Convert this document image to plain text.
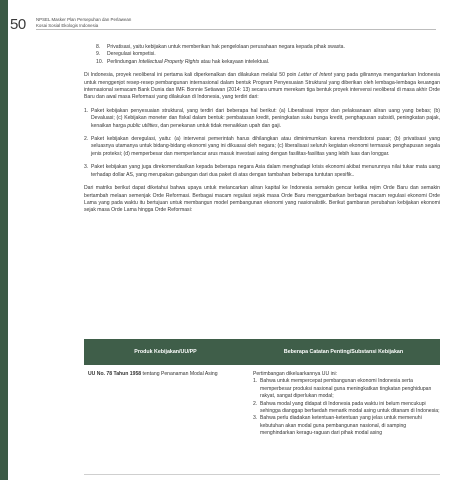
50 NPSEL Masker Plan Persepuhan dan Perlawean
Kosai Sosial Ekologis Indonesia
8.	Privatisasi, yaitu kebijakan untuk memberikan hak pengelolaan perusahaan negara kepada pihak swasta.
9.	Deregulasi kompetisi.
10. Perlindungan Intellectual Property Rights atau hak kekayaan intelektual.

Di Indonesia, proyek neoliberal ini pertama kali diperkenalkan dan dilakukan melalui 50 poin Letter of Intent yang pada gilirannya mengantarkan Indonesia untuk menggenjot resep-resep pembangunan internasional dalam bentuk Program Penyesuaian Struktural yang diberikan oleh lembaga-lembaga keuangan internasional semacam Bank Dunia dan IMF. Bonnie Setiawan (2014: 13) secara umum merekam tiga bentuk proyek intervensi neoliberal di masa akhir Orde Baru dan awal masa Reformasi yang dilakukan di Indonesia, yang terdiri dari:

1. Paket kebijakan penyesuaian struktural, yang terdiri dari beberapa hal berikut: (a) Liberalisasi impor dan pelaksanaan aliran uang yang bebas; (b) Devaluasi; (c) Kebijakan moneter dan fiskal dalam bentuk: pembatasan kredit, peningkatan suku bunga kredit, penghapusan subsidi, peningkatan pajak, kenaikan harga public utilities, dan penekanan untuk tidak menaikkan upah dan gaji.
2. Paket kebijakan deregulasi, yaitu: (a) intervensi pemerintah harus dihilangkan atau diminimumkan karena mendistorsi pasar; (b) privatisasi yang seluasnya utamanya untuk bidang-bidang ekonomi yang ini dikuasai oleh negara; (c) liberalisasi seluruh kegiatan ekonomi termasuk penghapusan segala jenis proteksi; (d) memperbesar dan memperlancar arus masuk investasi asing dengan fasilitas-fasilitas yang lebih luas dan longgar.
3. Paket kebijakan yang juga direkomendasikan kepada beberapa negara Asia dalam menghadapi krisis ekonomi akibat menurunnya nilai tukar mata uang terhadap dollar AS, yang merupakan gabungan dari dua paket di atas dengan tambahan beberapa tuntutan spesifik..

Dari matriks berikut dapat diketahui bahwa upaya untuk melancarkan aliran kapital ke Indonesia semakin gencar ketika rejim Orde Baru dan semakin bertambah melaan semenjak Orde Reformasi. Berbagai macam regulasi sejak masa Orde Baru menggambarkan berbagai macam regulasi ekonomi Orde Lama yang pada waktu itu bertujuan untuk membangun model pembangunan ekonomi yang nasionalistik. Berikut gambaran perubahan kebijakan ekonomi sejak masa Orde Lama hingga Orde Reformasi:

Produk Kebijakan/UU/PP	Beberapa Catatan Penting/Substansi Kebijakan
UU No. 78 Tahun 1958 tentang Penanaman Modal Asing	Pertimbangan dikeluarkannya UU ini:
1. Bahwa untuk mempercepat pembangunan ekonomi Indonesia serta memperbesar produksi nasional guna meningkatkan tingkatan penghidupan rakyat, sangat diperlukan modal;
2. Bahwa modal yang didapat di Indonesia pada waktu ini belum mencukupi sehingga dianggap berfaedah menarik modal asing untuk ditanam di Indonesia;
3. Bahwa perlu diadakan ketentuan-ketentuan yang jelas untuk memenuhi kebutuhan akan modal guna pembangunan nasional, di samping menghindarkan keragu-raguan dari pihak modal asing
